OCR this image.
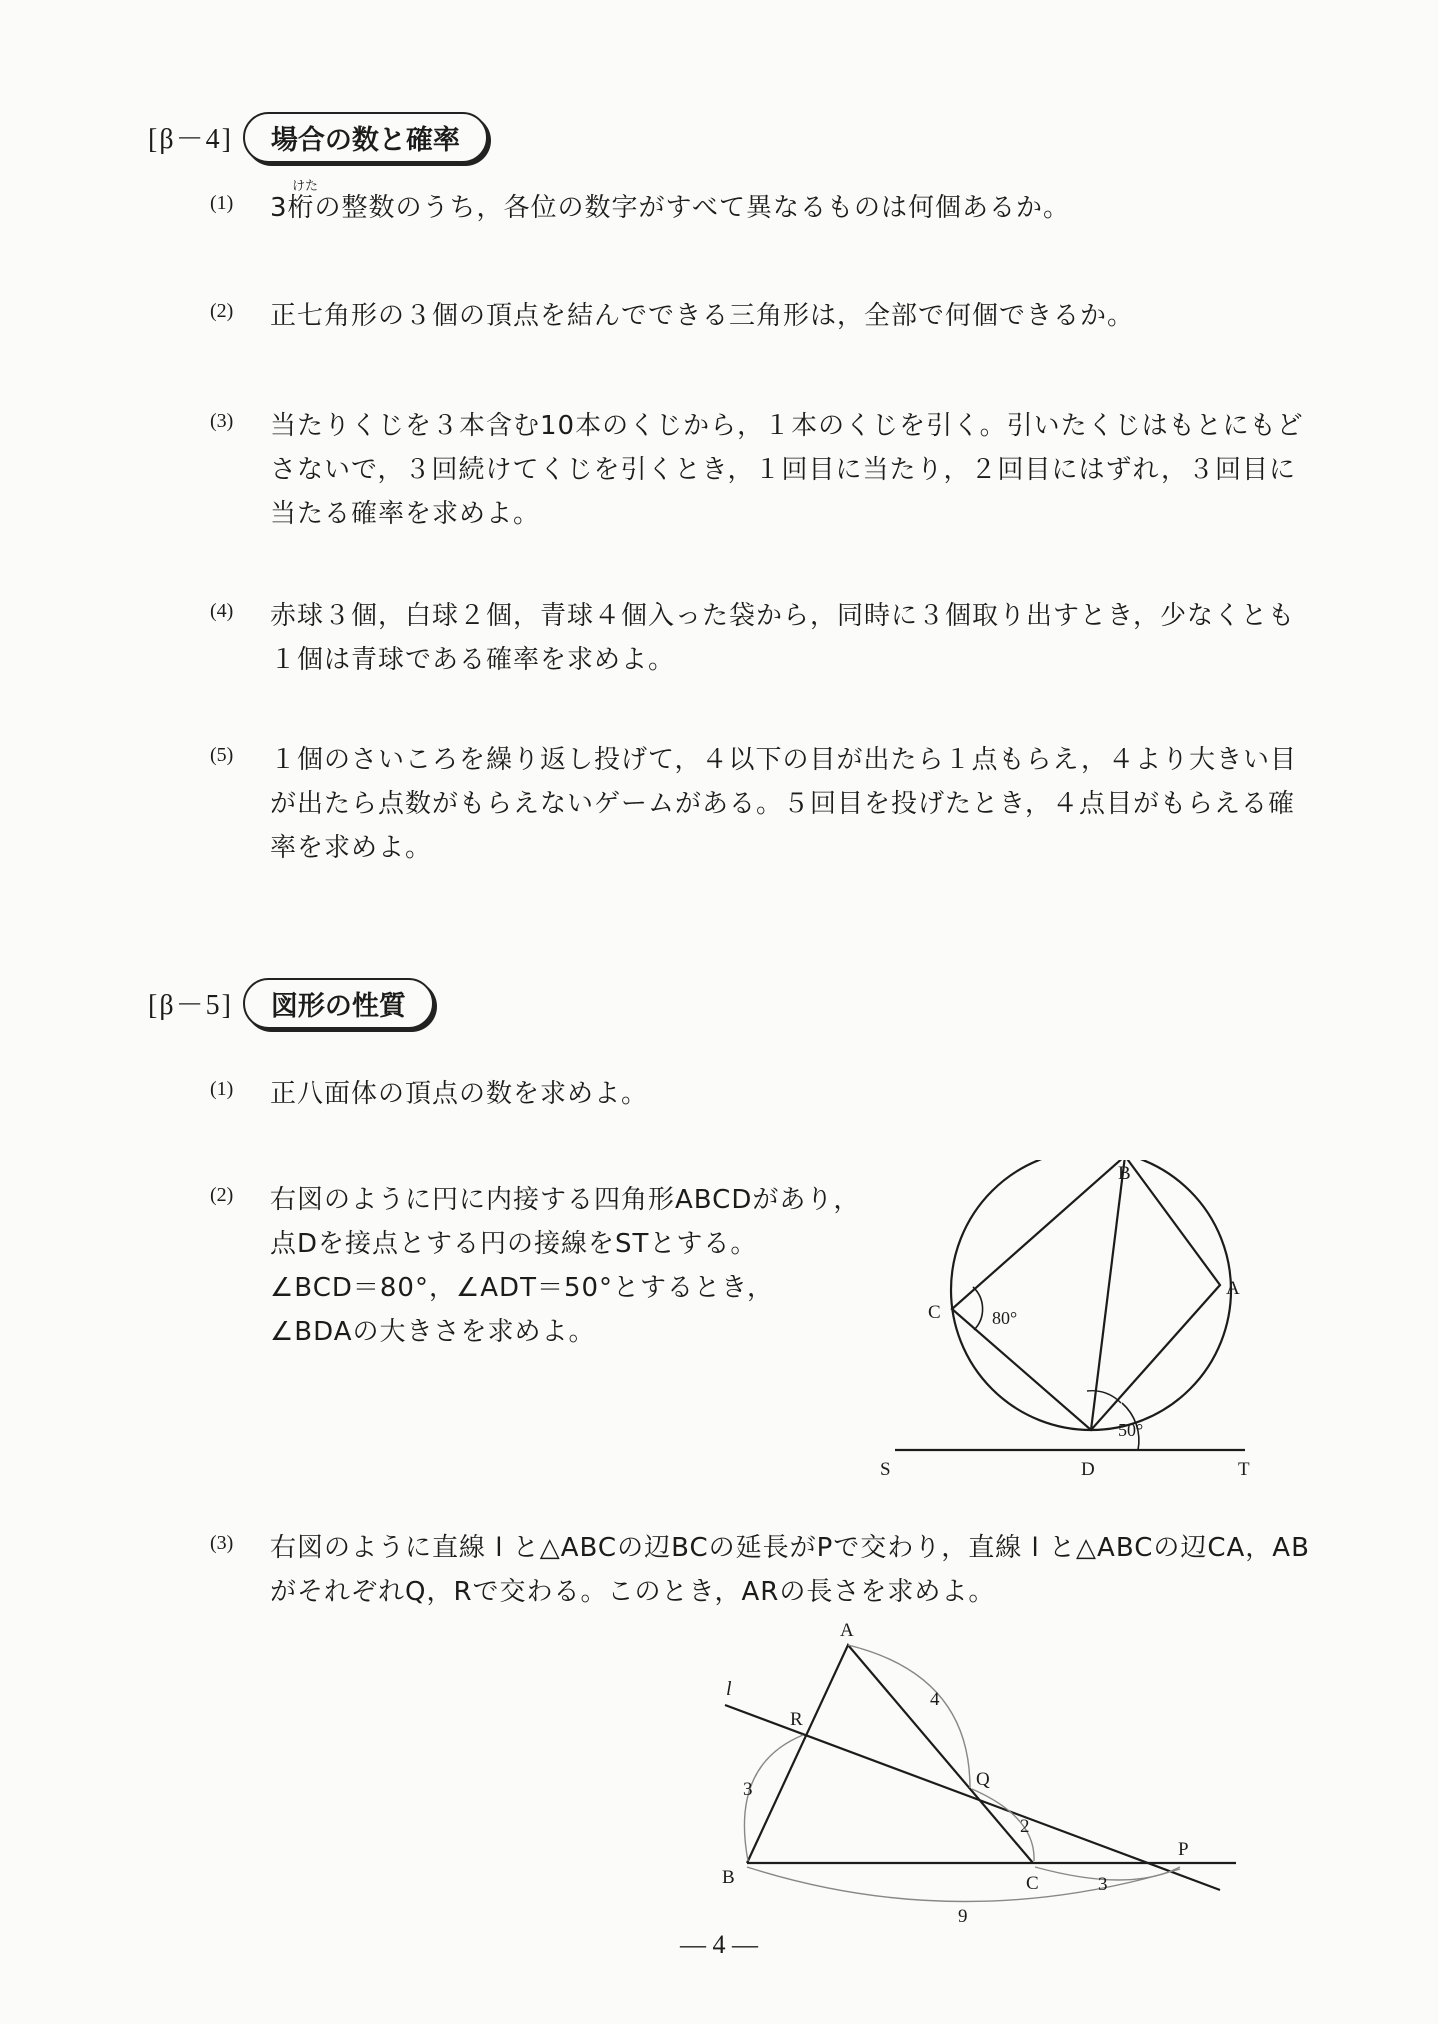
[β－4]	場合の数と確率
けた
(1) 3桁の整数のうち，各位の数字がすべて異なるものは何個あるか。
(2) 正七角形の３個の頂点を結んでできる三角形は，全部で何個できるか。
(3) 当たりくじを３本含む10本のくじから，１本のくじを引く。引いたくじはもとにもどさないで，３回続けてくじを引くとき，１回目に当たり，２回目にはずれ，３回目に当たる確率を求めよ。
(4) 赤球３個，白球２個，青球４個入った袋から，同時に３個取り出すとき，少なくとも１個は青球である確率を求めよ。
(5) １個のさいころを繰り返し投げて，４以下の目が出たら１点もらえ，４より大きい目が出たら点数がもらえないゲームがある。５回目を投げたとき，４点目がもらえる確率を求めよ。
[β－5]	図形の性質
(1) 正八面体の頂点の数を求めよ。
(2) 右図のように円に内接する四角形ABCDがあり，
点Dを接点とする円の接線をSTとする。
∠BCD＝80°，∠ADT＝50°とするとき，
∠BDAの大きさを求めよ。
B
A
C
D
S	T
80°
50°
(3) 右図のように直線 l と△ABCの辺BCの延長がPで交わり，直線 l と△ABCの辺CA，ABがそれぞれQ，Rで交わる。このとき，ARの長さを求めよ。
A
B	C
P
Q
R
l	4
2
3
3
9
— 4 —
